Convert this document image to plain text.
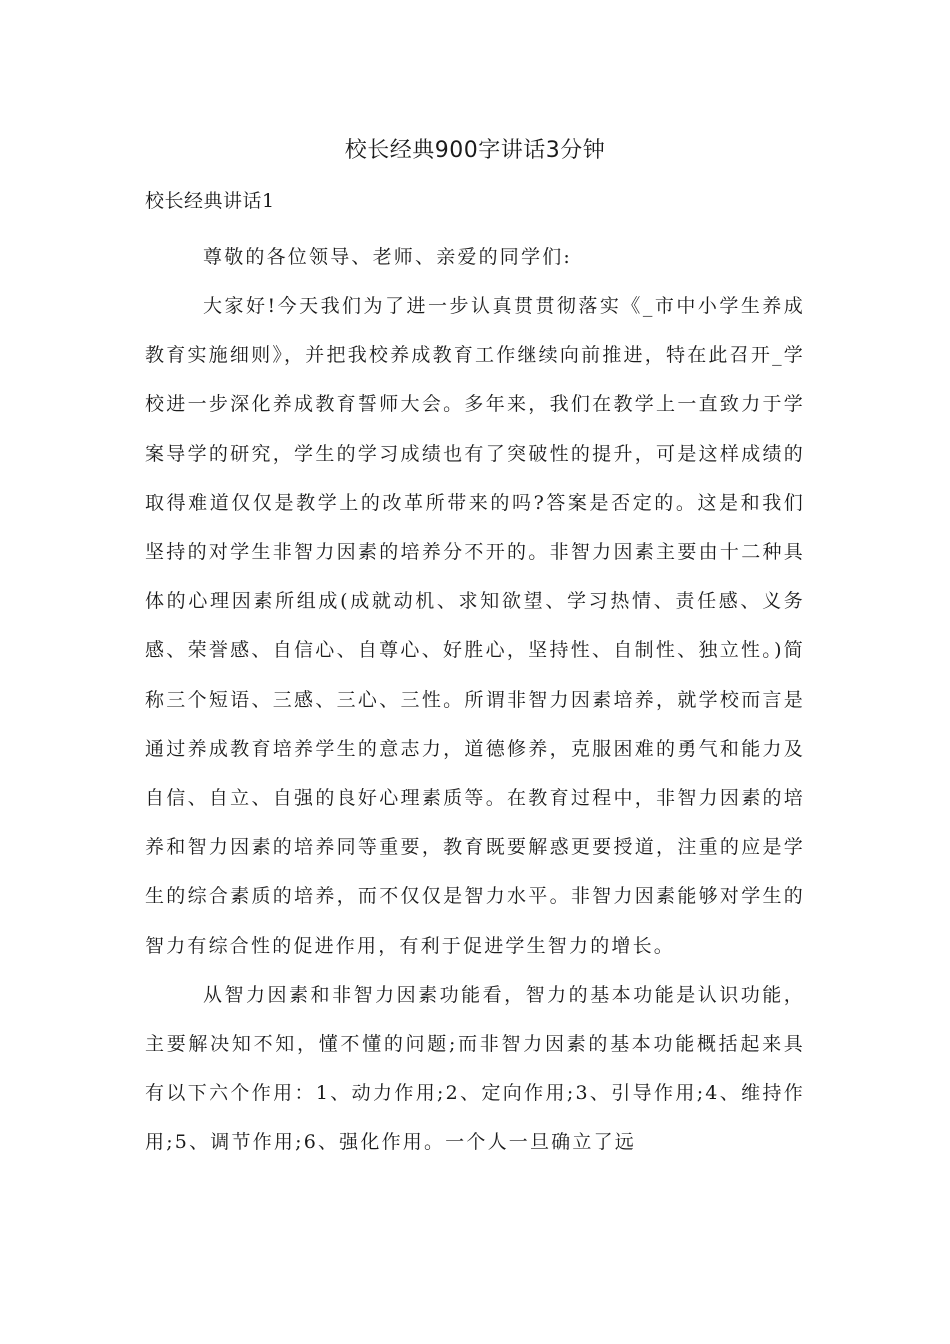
校长经典900字讲话3分钟
校长经典讲话1

尊敬的各位领导、老师、亲爱的同学们:

大家好!今天我们为了进一步认真贯贯彻落实《_市中小学生养成教育实施细则》，并把我校养成教育工作继续向前推进，特在此召开_学校进一步深化养成教育誓师大会。多年来，我们在教学上一直致力于学案导学的研究，学生的学习成绩也有了突破性的提升，可是这样成绩的取得难道仅仅是教学上的改革所带来的吗?答案是否定的。这是和我们坚持的对学生非智力因素的培养分不开的。非智力因素主要由十二种具体的心理因素所组成(成就动机、求知欲望、学习热情、责任感、义务感、荣誉感、自信心、自尊心、好胜心，坚持性、自制性、独立性。)简称三个短语、三感、三心、三性。所谓非智力因素培养，就学校而言是通过养成教育培养学生的意志力，道德修养，克服困难的勇气和能力及自信、自立、自强的良好心理素质等。在教育过程中，非智力因素的培养和智力因素的培养同等重要，教育既要解惑更要授道，注重的应是学生的综合素质的培养，而不仅仅是智力水平。非智力因素能够对学生的智力有综合性的促进作用，有利于促进学生智力的增长。

从智力因素和非智力因素功能看，智力的基本功能是认识功能，主要解决知不知，懂不懂的问题;而非智力因素的基本功能概括起来具有以下六个作用：1、动力作用;2、定向作用;3、引导作用;4、维持作用;5、调节作用;6、强化作用。一个人一旦确立了远
